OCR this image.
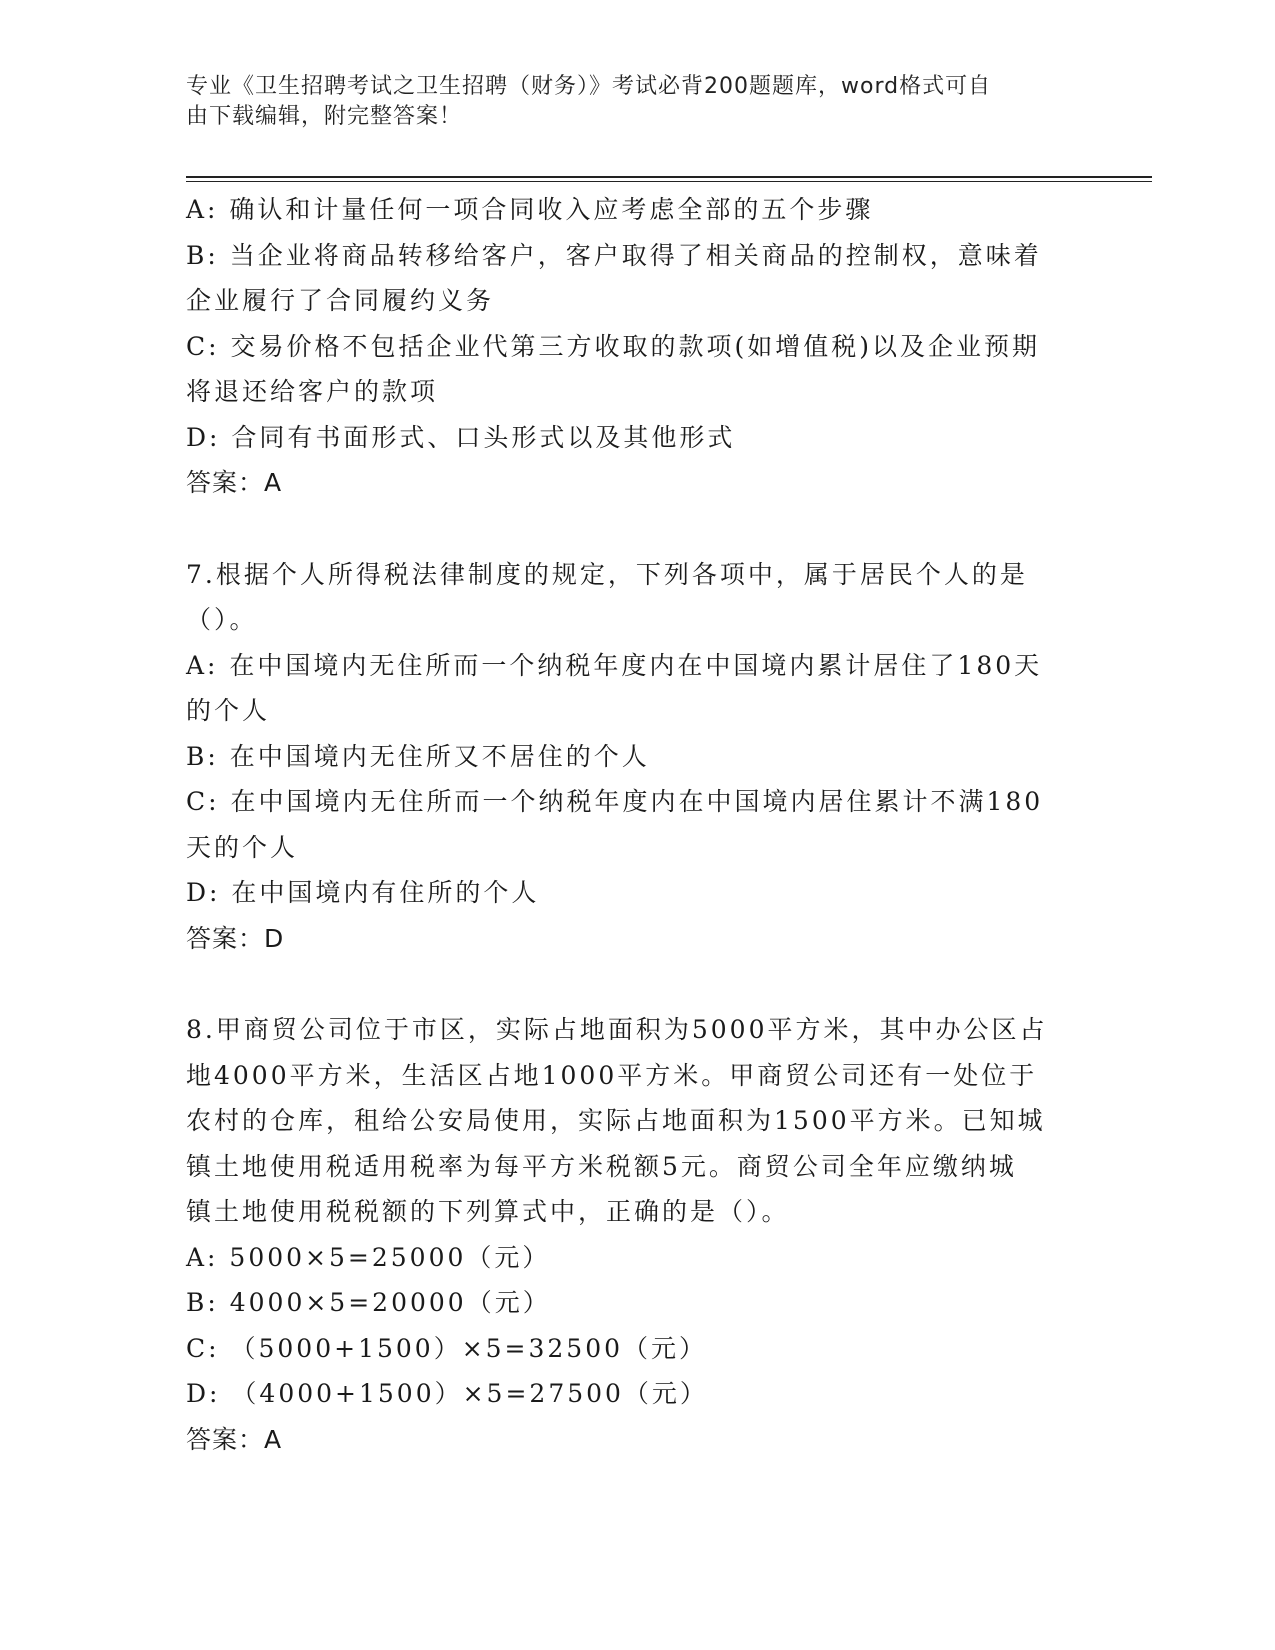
专业《卫生招聘考试之卫生招聘（财务）》考试必背200题题库，word格式可自
由下载编辑，附完整答案！
A: 确认和计量任何一项合同收入应考虑全部的五个步骤
B: 当企业将商品转移给客户，客户取得了相关商品的控制权，意味着
企业履行了合同履约义务
C: 交易价格不包括企业代第三方收取的款项(如增值税)以及企业预期
将退还给客户的款项
D: 合同有书面形式、口头形式以及其他形式
答案：A
7.根据个人所得税法律制度的规定，下列各项中，属于居民个人的是
（）。
A: 在中国境内无住所而一个纳税年度内在中国境内累计居住了180天
的个人
B: 在中国境内无住所又不居住的个人
C: 在中国境内无住所而一个纳税年度内在中国境内居住累计不满180
天的个人
D: 在中国境内有住所的个人
答案：D
8.甲商贸公司位于市区，实际占地面积为5000平方米，其中办公区占
地4000平方米，生活区占地1000平方米。甲商贸公司还有一处位于
农村的仓库，租给公安局使用，实际占地面积为1500平方米。已知城
镇土地使用税适用税率为每平方米税额5元。商贸公司全年应缴纳城
镇土地使用税税额的下列算式中，正确的是（）。
A: 5000×5=25000（元）
B: 4000×5=20000（元）
C: （5000+1500）×5=32500（元）
D: （4000+1500）×5=27500（元）
答案：A
